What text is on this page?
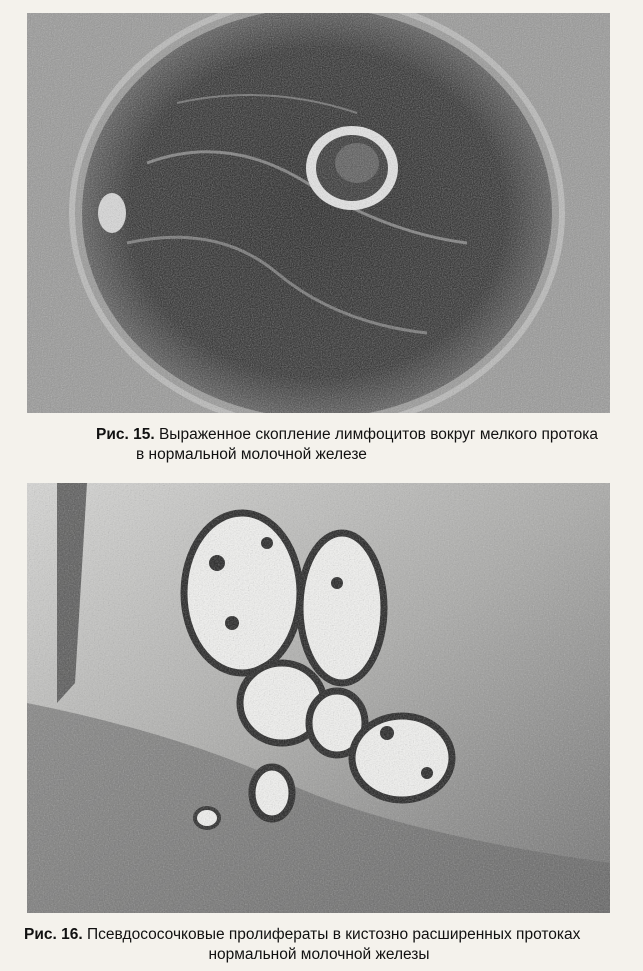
Рис. 15. Выраженное скопление лимфоцитов вокруг мелкого протока
в нормальной молочной железе
Рис. 16. Псевдососочковые пролифераты в кистозно расширенных протоках
нормальной молочной железы
